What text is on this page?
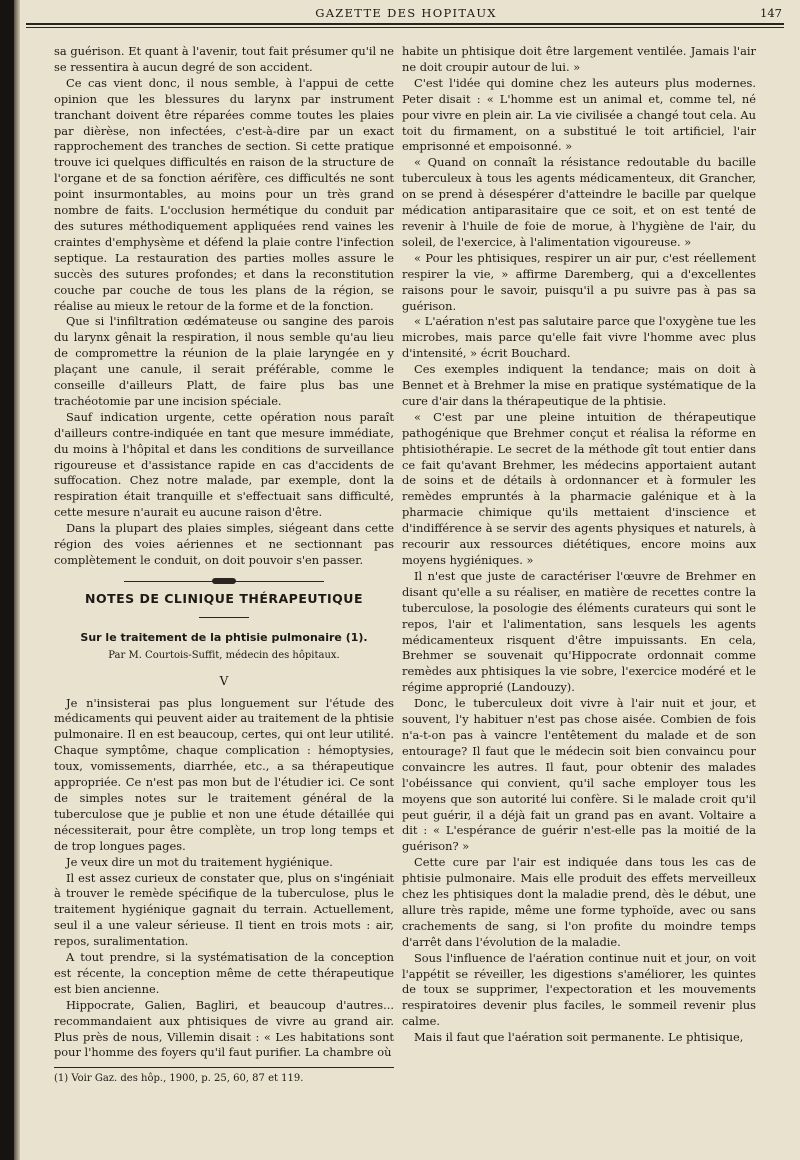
GAZETTE DES HOPITAUX	147

sa guérison. Et quant à l'avenir, tout fait présumer qu'il ne se ressentira à aucun degré de son accident.

Ce cas vient donc, il nous semble, à l'appui de cette opinion que les blessures du larynx par instrument tranchant doivent être réparées comme toutes les plaies par dièrèse, non infectées, c'est-à-dire par un exact rapprochement des tranches de section. Si cette pratique trouve ici quelques difficultés en raison de la structure de l'organe et de sa fonction aérifère, ces difficultés ne sont point insurmontables, au moins pour un très grand nombre de faits. L'occlusion hermétique du conduit par des sutures méthodiquement appliquées rend vaines les craintes d'emphysème et défend la plaie contre l'infection septique. La restauration des parties molles assure le succès des sutures profondes; et dans la reconstitution couche par couche de tous les plans de la région, se réalise au mieux le retour de la forme et de la fonction.

Que si l'infiltration œdémateuse ou sangine des parois du larynx gênait la respiration, il nous semble qu'au lieu de compromettre la réunion de la plaie laryngée en y plaçant une canule, il serait préférable, comme le conseille d'ailleurs Platt, de faire plus bas une trachéotomie par une incision spéciale.

Sauf indication urgente, cette opération nous paraît d'ailleurs contre-indiquée en tant que mesure immédiate, du moins à l'hôpital et dans les conditions de surveillance rigoureuse et d'assistance rapide en cas d'accidents de suffocation. Chez notre malade, par exemple, dont la respiration était tranquille et s'effectuait sans difficulté, cette mesure n'aurait eu aucune raison d'être.

Dans la plupart des plaies simples, siégeant dans cette région des voies aériennes et ne sectionnant pas complètement le conduit, on doit pouvoir s'en passer.

NOTES DE CLINIQUE THÉRAPEUTIQUE
Sur le traitement de la phtisie pulmonaire (1).
Par M. Courtois-Suffit, médecin des hôpitaux.
V

Je n'insisterai pas plus longuement sur l'étude des médicaments qui peuvent aider au traitement de la phtisie pulmonaire. Il en est beaucoup, certes, qui ont leur utilité. Chaque symptôme, chaque complication : hémoptysies, toux, vomissements, diarrhée, etc., a sa thérapeutique appropriée. Ce n'est pas mon but de l'étudier ici. Ce sont de simples notes sur le traitement général de la tuberculose que je publie et non une étude détaillée qui nécessiterait, pour être complète, un trop long temps et de trop longues pages.

Je veux dire un mot du traitement hygiénique.

Il est assez curieux de constater que, plus on s'ingéniait à trouver le remède spécifique de la tuberculose, plus le traitement hygiénique gagnait du terrain. Actuellement, seul il a une valeur sérieuse. Il tient en trois mots : air, repos, suralimentation.

A tout prendre, si la systématisation de la conception est récente, la conception même de cette thérapeutique est bien ancienne.

Hippocrate, Galien, Bagliri, et beaucoup d'autres... recommandaient aux phtisiques de vivre au grand air. Plus près de nous, Villemin disait : « Les habitations sont pour l'homme des foyers qu'il faut purifier. La chambre où

(1) Voir Gaz. des hôp., 1900, p. 25, 60, 87 et 119.

habite un phtisique doit être largement ventilée. Jamais l'air ne doit croupir autour de lui. »

C'est l'idée qui domine chez les auteurs plus modernes. Peter disait : « L'homme est un animal et, comme tel, né pour vivre en plein air. La vie civilisée a changé tout cela. Au toit du firmament, on a substitué le toit artificiel, l'air emprisonné et empoisonné. »

« Quand on connaît la résistance redoutable du bacille tuberculeux à tous les agents médicamenteux, dit Grancher, on se prend à désespérer d'atteindre le bacille par quelque médication antiparasitaire que ce soit, et on est tenté de revenir à l'huile de foie de morue, à l'hygiène de l'air, du soleil, de l'exercice, à l'alimentation vigoureuse. »

« Pour les phtisiques, respirer un air pur, c'est réellement respirer la vie, » affirme Daremberg, qui a d'excellentes raisons pour le savoir, puisqu'il a pu suivre pas à pas sa guérison.

« L'aération n'est pas salutaire parce que l'oxygène tue les microbes, mais parce qu'elle fait vivre l'homme avec plus d'intensité, » écrit Bouchard.

Ces exemples indiquent la tendance; mais on doit à Bennet et à Brehmer la mise en pratique systématique de la cure d'air dans la thérapeutique de la phtisie.

« C'est par une pleine intuition de thérapeutique pathogénique que Brehmer conçut et réalisa la réforme en phtisiothérapie. Le secret de la méthode gît tout entier dans ce fait qu'avant Brehmer, les médecins apportaient autant de soins et de détails à ordonnancer et à formuler les remèdes empruntés à la pharmacie galénique et à la pharmacie chimique qu'ils mettaient d'inscience et d'indifférence à se servir des agents physiques et naturels, à recourir aux ressources diététiques, encore moins aux moyens hygiéniques. »

Il n'est que juste de caractériser l'œuvre de Brehmer en disant qu'elle a su réaliser, en matière de recettes contre la tuberculose, la posologie des éléments curateurs qui sont le repos, l'air et l'alimentation, sans lesquels les agents médicamenteux risquent d'être impuissants. En cela, Brehmer se souvenait qu'Hippocrate ordonnait comme remèdes aux phtisiques la vie sobre, l'exercice modéré et le régime approprié (Landouzy).

Donc, le tuberculeux doit vivre à l'air nuit et jour, et souvent, l'y habituer n'est pas chose aisée. Combien de fois n'a-t-on pas à vaincre l'entêtement du malade et de son entourage? Il faut que le médecin soit bien convaincu pour convaincre les autres. Il faut, pour obtenir des malades l'obéissance qui convient, qu'il sache employer tous les moyens que son autorité lui confère. Si le malade croit qu'il peut guérir, il a déjà fait un grand pas en avant. Voltaire a dit : « L'espérance de guérir n'est-elle pas la moitié de la guérison? »

Cette cure par l'air est indiquée dans tous les cas de phtisie pulmonaire. Mais elle produit des effets merveilleux chez les phtisiques dont la maladie prend, dès le début, une allure très rapide, même une forme typhoïde, avec ou sans crachements de sang, si l'on profite du moindre temps d'arrêt dans l'évolution de la maladie.

Sous l'influence de l'aération continue nuit et jour, on voit l'appétit se réveiller, les digestions s'améliorer, les quintes de toux se supprimer, l'expectoration et les mouvements respiratoires devenir plus faciles, le sommeil revenir plus calme.

Mais il faut que l'aération soit permanente. Le phtisique,
